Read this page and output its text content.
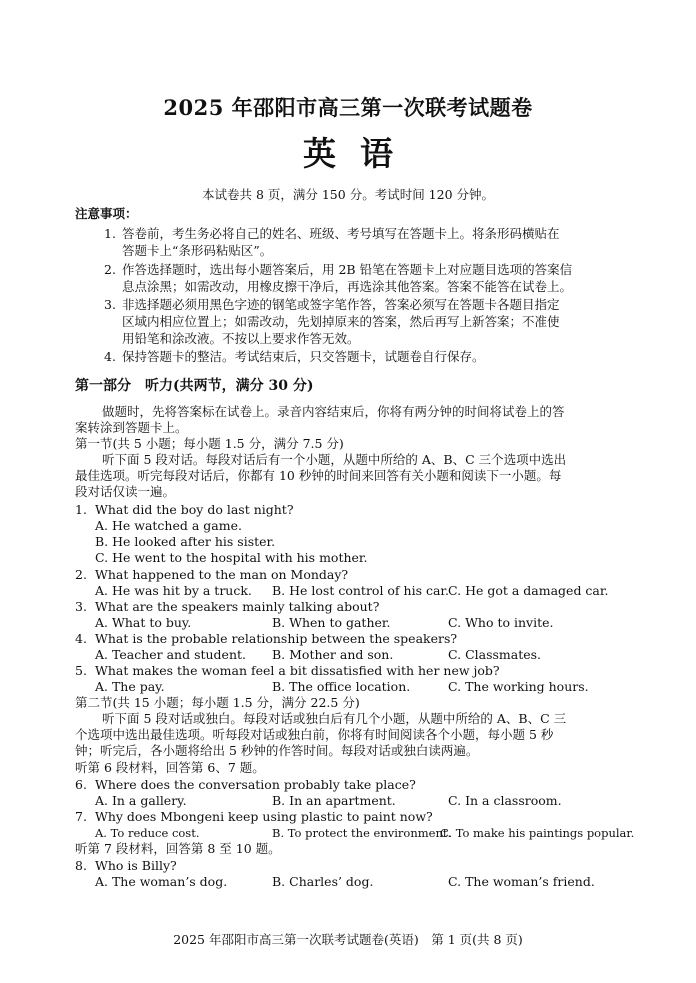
2025 年邵阳市高三第一次联考试题卷
英语
本试卷共 8 页，满分 150 分。考试时间 120 分钟。
注意事项：
1. 答卷前，考生务必将自己的姓名、班级、考号填写在答题卡上。将条形码横贴在
答题卡上“条形码粘贴区”。
2. 作答选择题时，选出每小题答案后，用 2B 铅笔在答题卡上对应题目选项的答案信
息点涂黑；如需改动，用橡皮擦干净后，再选涂其他答案。答案不能答在试卷上。
3. 非选择题必须用黑色字迹的钢笔或签字笔作答，答案必须写在答题卡各题目指定
区域内相应位置上；如需改动，先划掉原来的答案，然后再写上新答案；不准使
用铅笔和涂改液。不按以上要求作答无效。
4. 保持答题卡的整洁。考试结束后，只交答题卡，试题卷自行保存。
第一部分　听力(共两节，满分 30 分)
做题时，先将答案标在试卷上。录音内容结束后，你将有两分钟的时间将试卷上的答
案转涂到答题卡上。
第一节(共 5 小题；每小题 1.5 分，满分 7.5 分)
听下面 5 段对话。每段对话后有一个小题，从题中所给的 A、B、C 三个选项中选出
最佳选项。听完每段对话后，你都有 10 秒钟的时间来回答有关小题和阅读下一小题。每
段对话仅读一遍。
1. What did the boy do last night?
A. He watched a game.
B. He looked after his sister.
C. He went to the hospital with his mother.
2. What happened to the man on Monday?
A. He was hit by a truck. B. He lost control of his car.
C. He got a damaged car.
3. What are the speakers mainly talking about?
A. What to buy.	B. When to gather.	C. Who to invite.
4. What is the probable relationship between the speakers?
A. Teacher and student. B. Mother and son.	C. Classmates.
5. What makes the woman feel a bit dissatisfied with her new job?
A. The pay.	B. The office location.	C. The working hours.
第二节(共 15 小题；每小题 1.5 分，满分 22.5 分)
听下面 5 段对话或独白。每段对话或独白后有几个小题，从题中所给的 A、B、C 三
个选项中选出最佳选项。听每段对话或独白前，你将有时间阅读各个小题，每小题 5 秒
钟；听完后，各小题将给出 5 秒钟的作答时间。每段对话或独白读两遍。
听第 6 段材料，回答第 6、7 题。
6. Where does the conversation probably take place?
A. In a gallery.	B. In an apartment.	C. In a classroom.
7. Why does Mbongeni keep using plastic to paint now?
A. To reduce cost.	B. To protect the environment.
C. To make his paintings popular.
听第 7 段材料，回答第 8 至 10 题。
8. Who is Billy?
A. The woman’s dog.	B. Charles’ dog.	C. The woman’s friend.
2025 年邵阳市高三第一次联考试题卷(英语)　第 1 页(共 8 页)
